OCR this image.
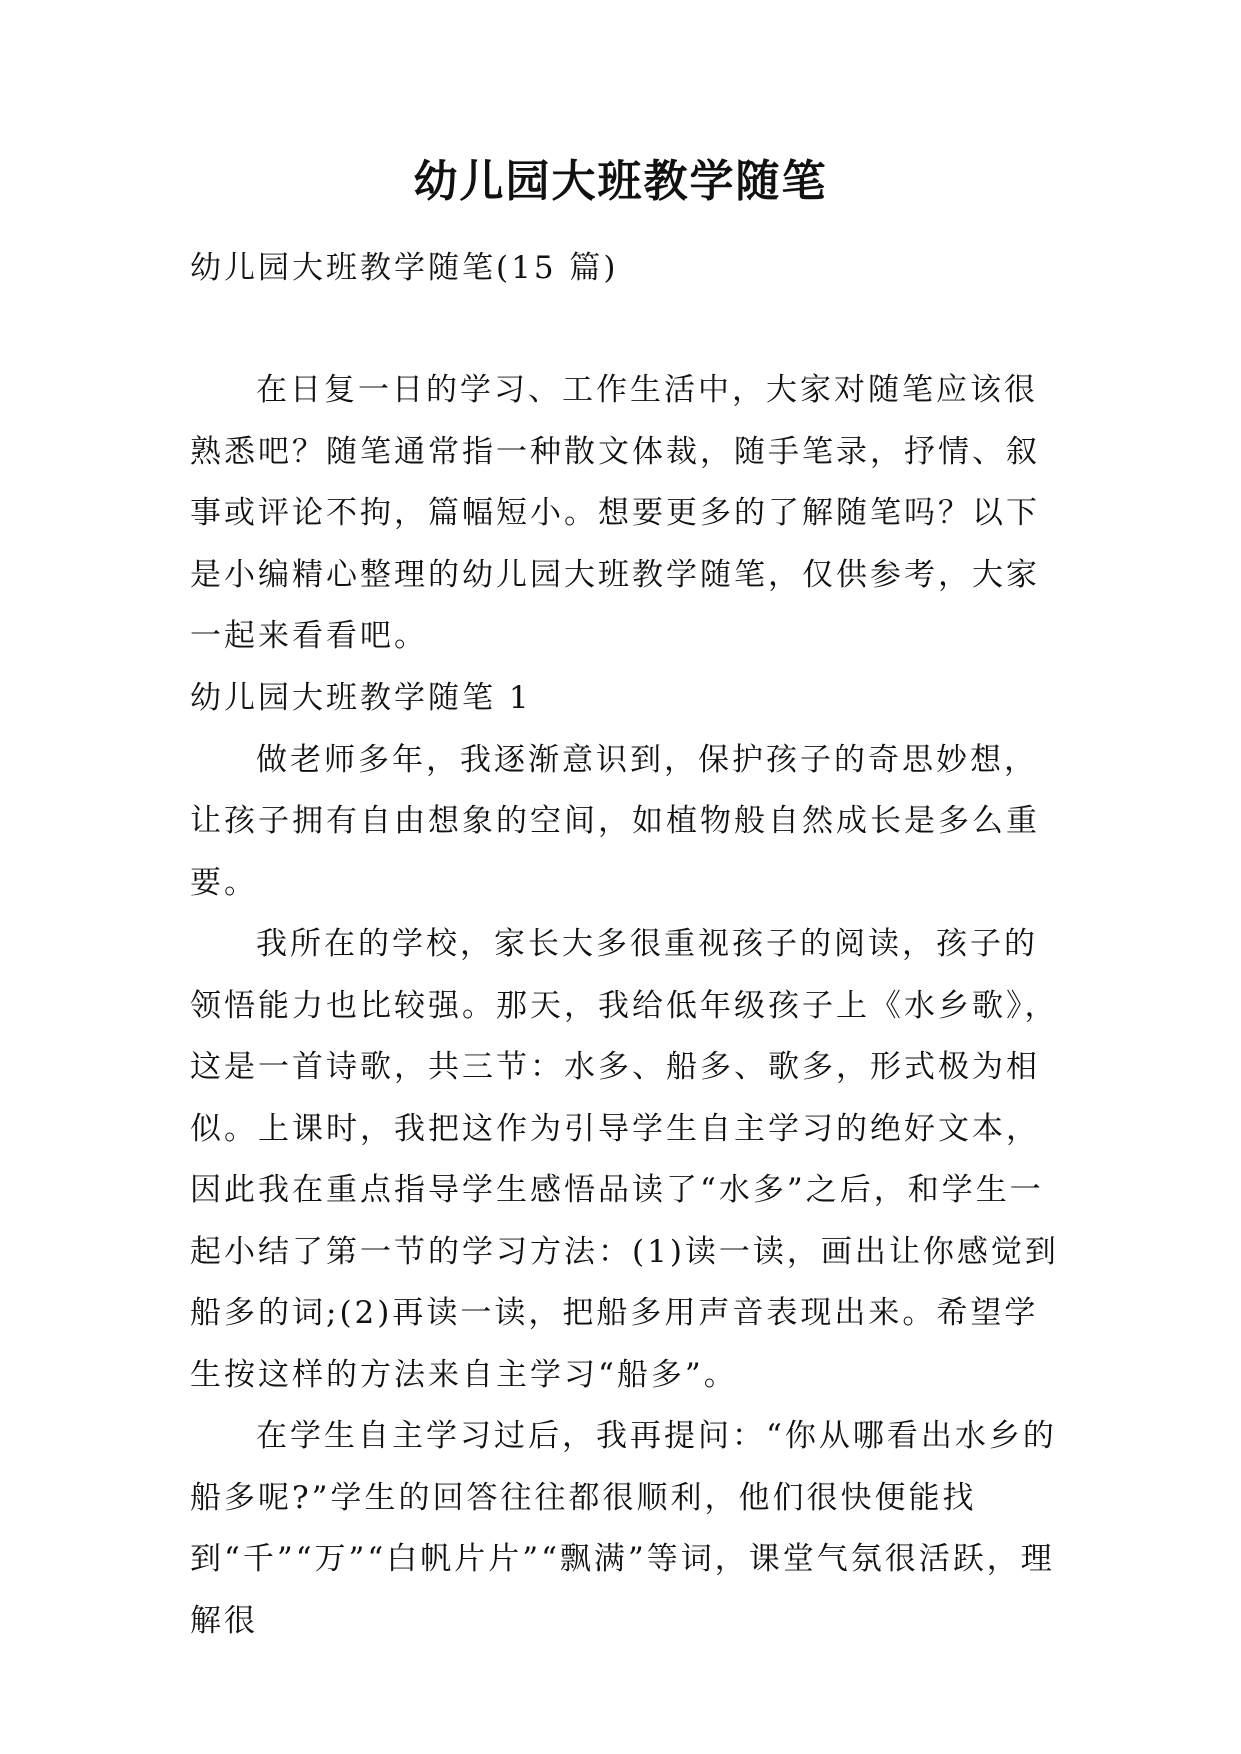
幼儿园大班教学随笔
幼儿园大班教学随笔(15 篇)

在日复一日的学习、工作生活中，大家对随笔应该很熟悉吧？随笔通常指一种散文体裁，随手笔录，抒情、叙事或评论不拘，篇幅短小。想要更多的了解随笔吗？以下是小编精心整理的幼儿园大班教学随笔，仅供参考，大家一起来看看吧。

幼儿园大班教学随笔 1

做老师多年，我逐渐意识到，保护孩子的奇思妙想，让孩子拥有自由想象的空间，如植物般自然成长是多么重要。

我所在的学校，家长大多很重视孩子的阅读，孩子的领悟能力也比较强。那天，我给低年级孩子上《水乡歌》，这是一首诗歌，共三节：水多、船多、歌多，形式极为相似。上课时，我把这作为引导学生自主学习的绝好文本，因此我在重点指导学生感悟品读了“水多”之后，和学生一起小结了第一节的学习方法：(1)读一读，画出让你感觉到船多的词;(2)再读一读，把船多用声音表现出来。希望学生按这样的方法来自主学习“船多”。

在学生自主学习过后，我再提问：“你从哪看出水乡的船多呢?”学生的回答往往都很顺利，他们很快便能找到“千”“万”“白帆片片”“飘满”等词，课堂气氛很活跃，理解很
